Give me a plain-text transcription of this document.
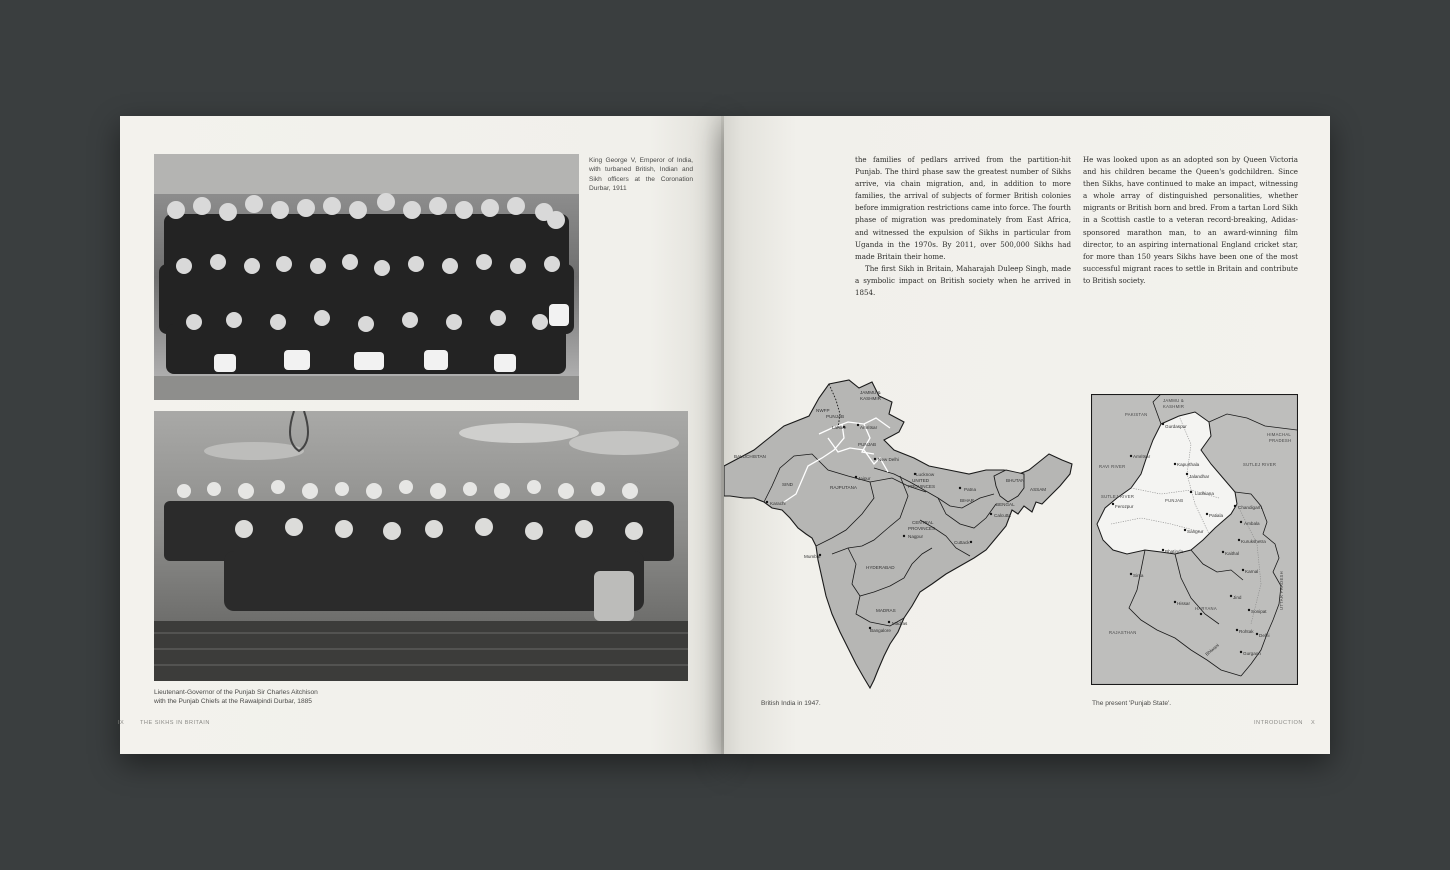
King George V, Emperor of India, with turbaned British, Indian and Sikh officers at the Coronation Durbar, 1911
Lieutenant-Governor of the Punjab Sir Charles Aitchison
with the Punjab Chiefs at the Rawalpindi Durbar, 1885
IX	THE SIKHS IN BRITAIN

the families of pedlars arrived from the partition-hit Punjab. The third phase saw the greatest number of Sikhs arrive, via chain migration, and, in addition to more families, the arrival of subjects of former British colonies before immigration restrictions came into force. The fourth phase of migration was predominately from East Africa, and witnessed the expulsion of Sikhs in particular from Uganda in the 1970s. By 2011, over 500,000 Sikhs had made Britain their home.

The first Sikh in Britain, Maharajah Duleep Singh, made a symbolic impact on British society when he arrived in 1854.

He was looked upon as an adopted son by Queen Victoria and his children became the Queen's godchildren. Since then Sikhs, have continued to make an impact, witnessing a whole array of distinguished personalities, whether migrants or British born and bred. From a tartan Lord Sikh in a Scottish castle to a veteran record-breaking, Adidas-sponsored marathon man, to an award-winning film director, to an aspiring international England cricket star, for more than 150 years Sikhs have been one of the most successful migrant races to settle in Britain and contribute to British society.

JAMMU &
KASHMIR
NWFP
PUNJAB
Lahore	Amritsar
PUNJAB
BALUCHISTAN
New Delhi
Jaipur
RAJPUTANA
SIND
Karachi
Lucknow
UNITED
PROVINCES
Patna
BIHAR
BHUTAN
ASSAM
BENGAL
Calcutta
CENTRAL
PROVINCES
Nagpur
Cuttack
Mumbai
HYDERABAD
MADRAS
Madras
Bangalore
British India in 1947.
PAKISTAN
JAMMU &
KASHMIR
Gurdaspur
HIMACHAL
PRADESH
Amritsar
Kapurthala
Jalandhar
RAVI RIVER	SUTLEJ RIVER
SUTLEJ RIVER
Ludhiana
PUNJAB
Ferozpur	Chandigarh
Ambala
Patiala
Sangrur
Bhatinda
Kurukshetra
Kaithal
Karnal
Sirsa	UTTAR PRADESH
Jind
Hissar
HARYANA
Sonipat
Rohtak
RAJASTHAN
Delhi
Gurgaon
Bhiwani
The present 'Punjab State'.
INTRODUCTION X
